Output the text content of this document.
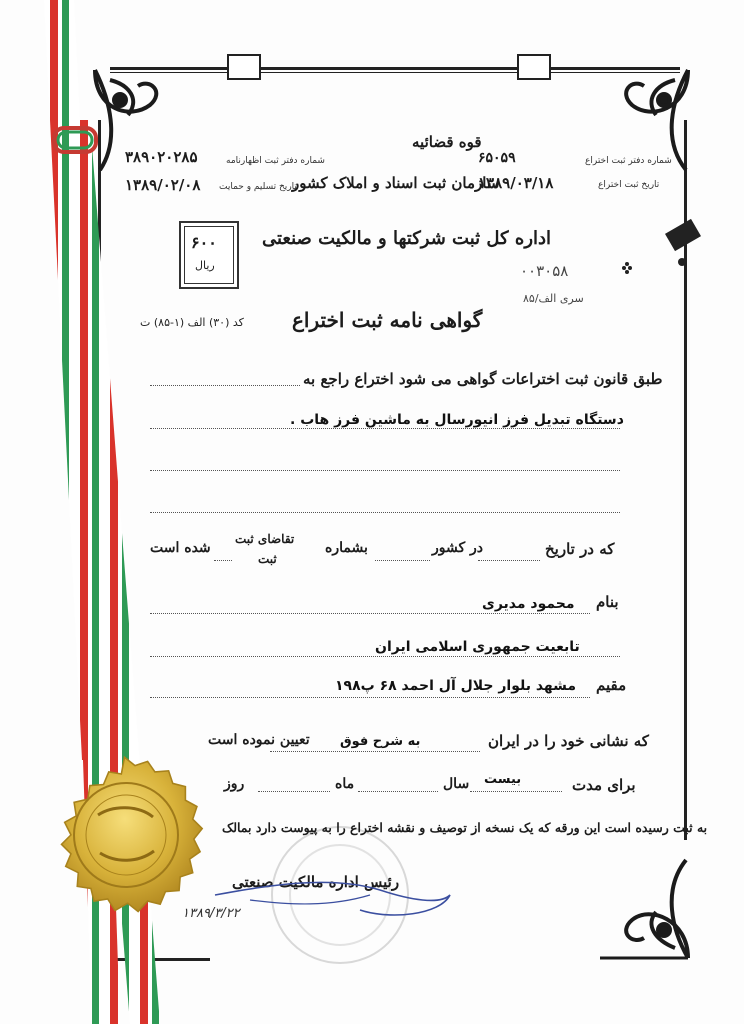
قوه قضائیه
شماره دفتر ثبت اختراع
۶۵۰۵۹
تاریخ ثبت اختراع
۱۳۸۹/۰۳/۱۸
سازمان ثبت اسناد و املاک کشور
شماره دفتر ثبت اظهارنامه
۳۸۹۰۲۰۲۸۵
تاریخ تسلیم و حمایت
۱۳۸۹/۰۲/۰۸
اداره کل ثبت شرکتها و مالکیت صنعتی
۶۰۰
ریال	۰۰۳۰۵۸
سری الف/۸۵
گواهی نامه ثبت اختراع
کد (۳۰) الف (۱-۸۵) ت
طبق قانون ثبت اختراعات گواهی می شود اختراع راجع به
دستگاه تبدیل فرز انیورسال به ماشین فرز هاب .
که در تاریخ
در کشور
بشماره
تقاضای ثبت
ثبت
شده است
بنام
محمود مدیری
تابعیت جمهوری اسلامی ایران
مقیم
مشهد بلوار جلال آل احمد ۶۸ پ۱۹۸
که نشانی خود را در ایران
به شرح فوق
تعیین نموده است
برای مدت
بیست
سال
ماه
روز
به ثبت رسیده است این ورقه که یک نسخه از توصیف و نقشه اختراع را به پیوست دارد بمالک
رئیس اداره مالکیت صنعتی
۱۳۸۹/۳/۲۲
